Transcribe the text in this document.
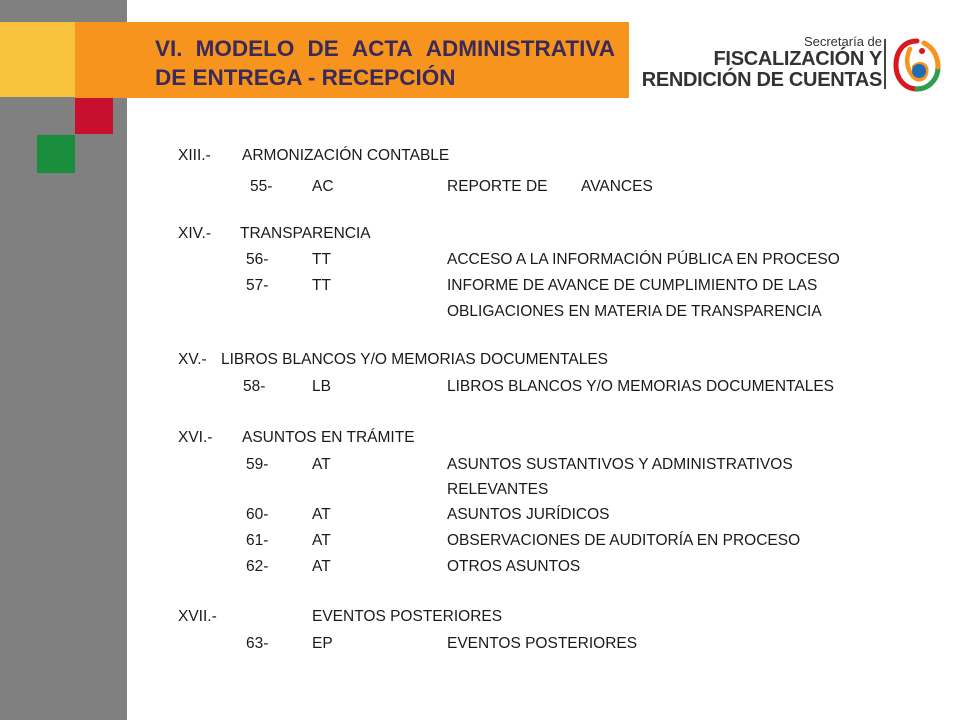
VI. MODELO DE ACTA ADMINISTRATIVA
DE ENTREGA - RECEPCIÓN
Secretaría de
FISCALIZACIÓN Y
RENDICIÓN DE CUENTAS
XIII.- ARMONIZACIÓN CONTABLE
55-	AC	REPORTE DE AVANCES
XIV.- TRANSPARENCIA
56-	TT	ACCESO A LA INFORMACIÓN PÚBLICA EN PROCESO
57-	TT	INFORME DE AVANCE DE CUMPLIMIENTO DE LAS
OBLIGACIONES EN MATERIA DE TRANSPARENCIA
XV.- LIBROS BLANCOS Y/O MEMORIAS DOCUMENTALES
58-	LB	LIBROS BLANCOS Y/O MEMORIAS DOCUMENTALES
XVI.- ASUNTOS EN TRÁMITE
59-	AT	ASUNTOS SUSTANTIVOS Y ADMINISTRATIVOS
RELEVANTES
60-	AT	ASUNTOS JURÍDICOS
61-	AT	OBSERVACIONES DE AUDITORÍA EN PROCESO
62-	AT	OTROS ASUNTOS
XVII.-	EVENTOS POSTERIORES
63-	EP	EVENTOS POSTERIORES
